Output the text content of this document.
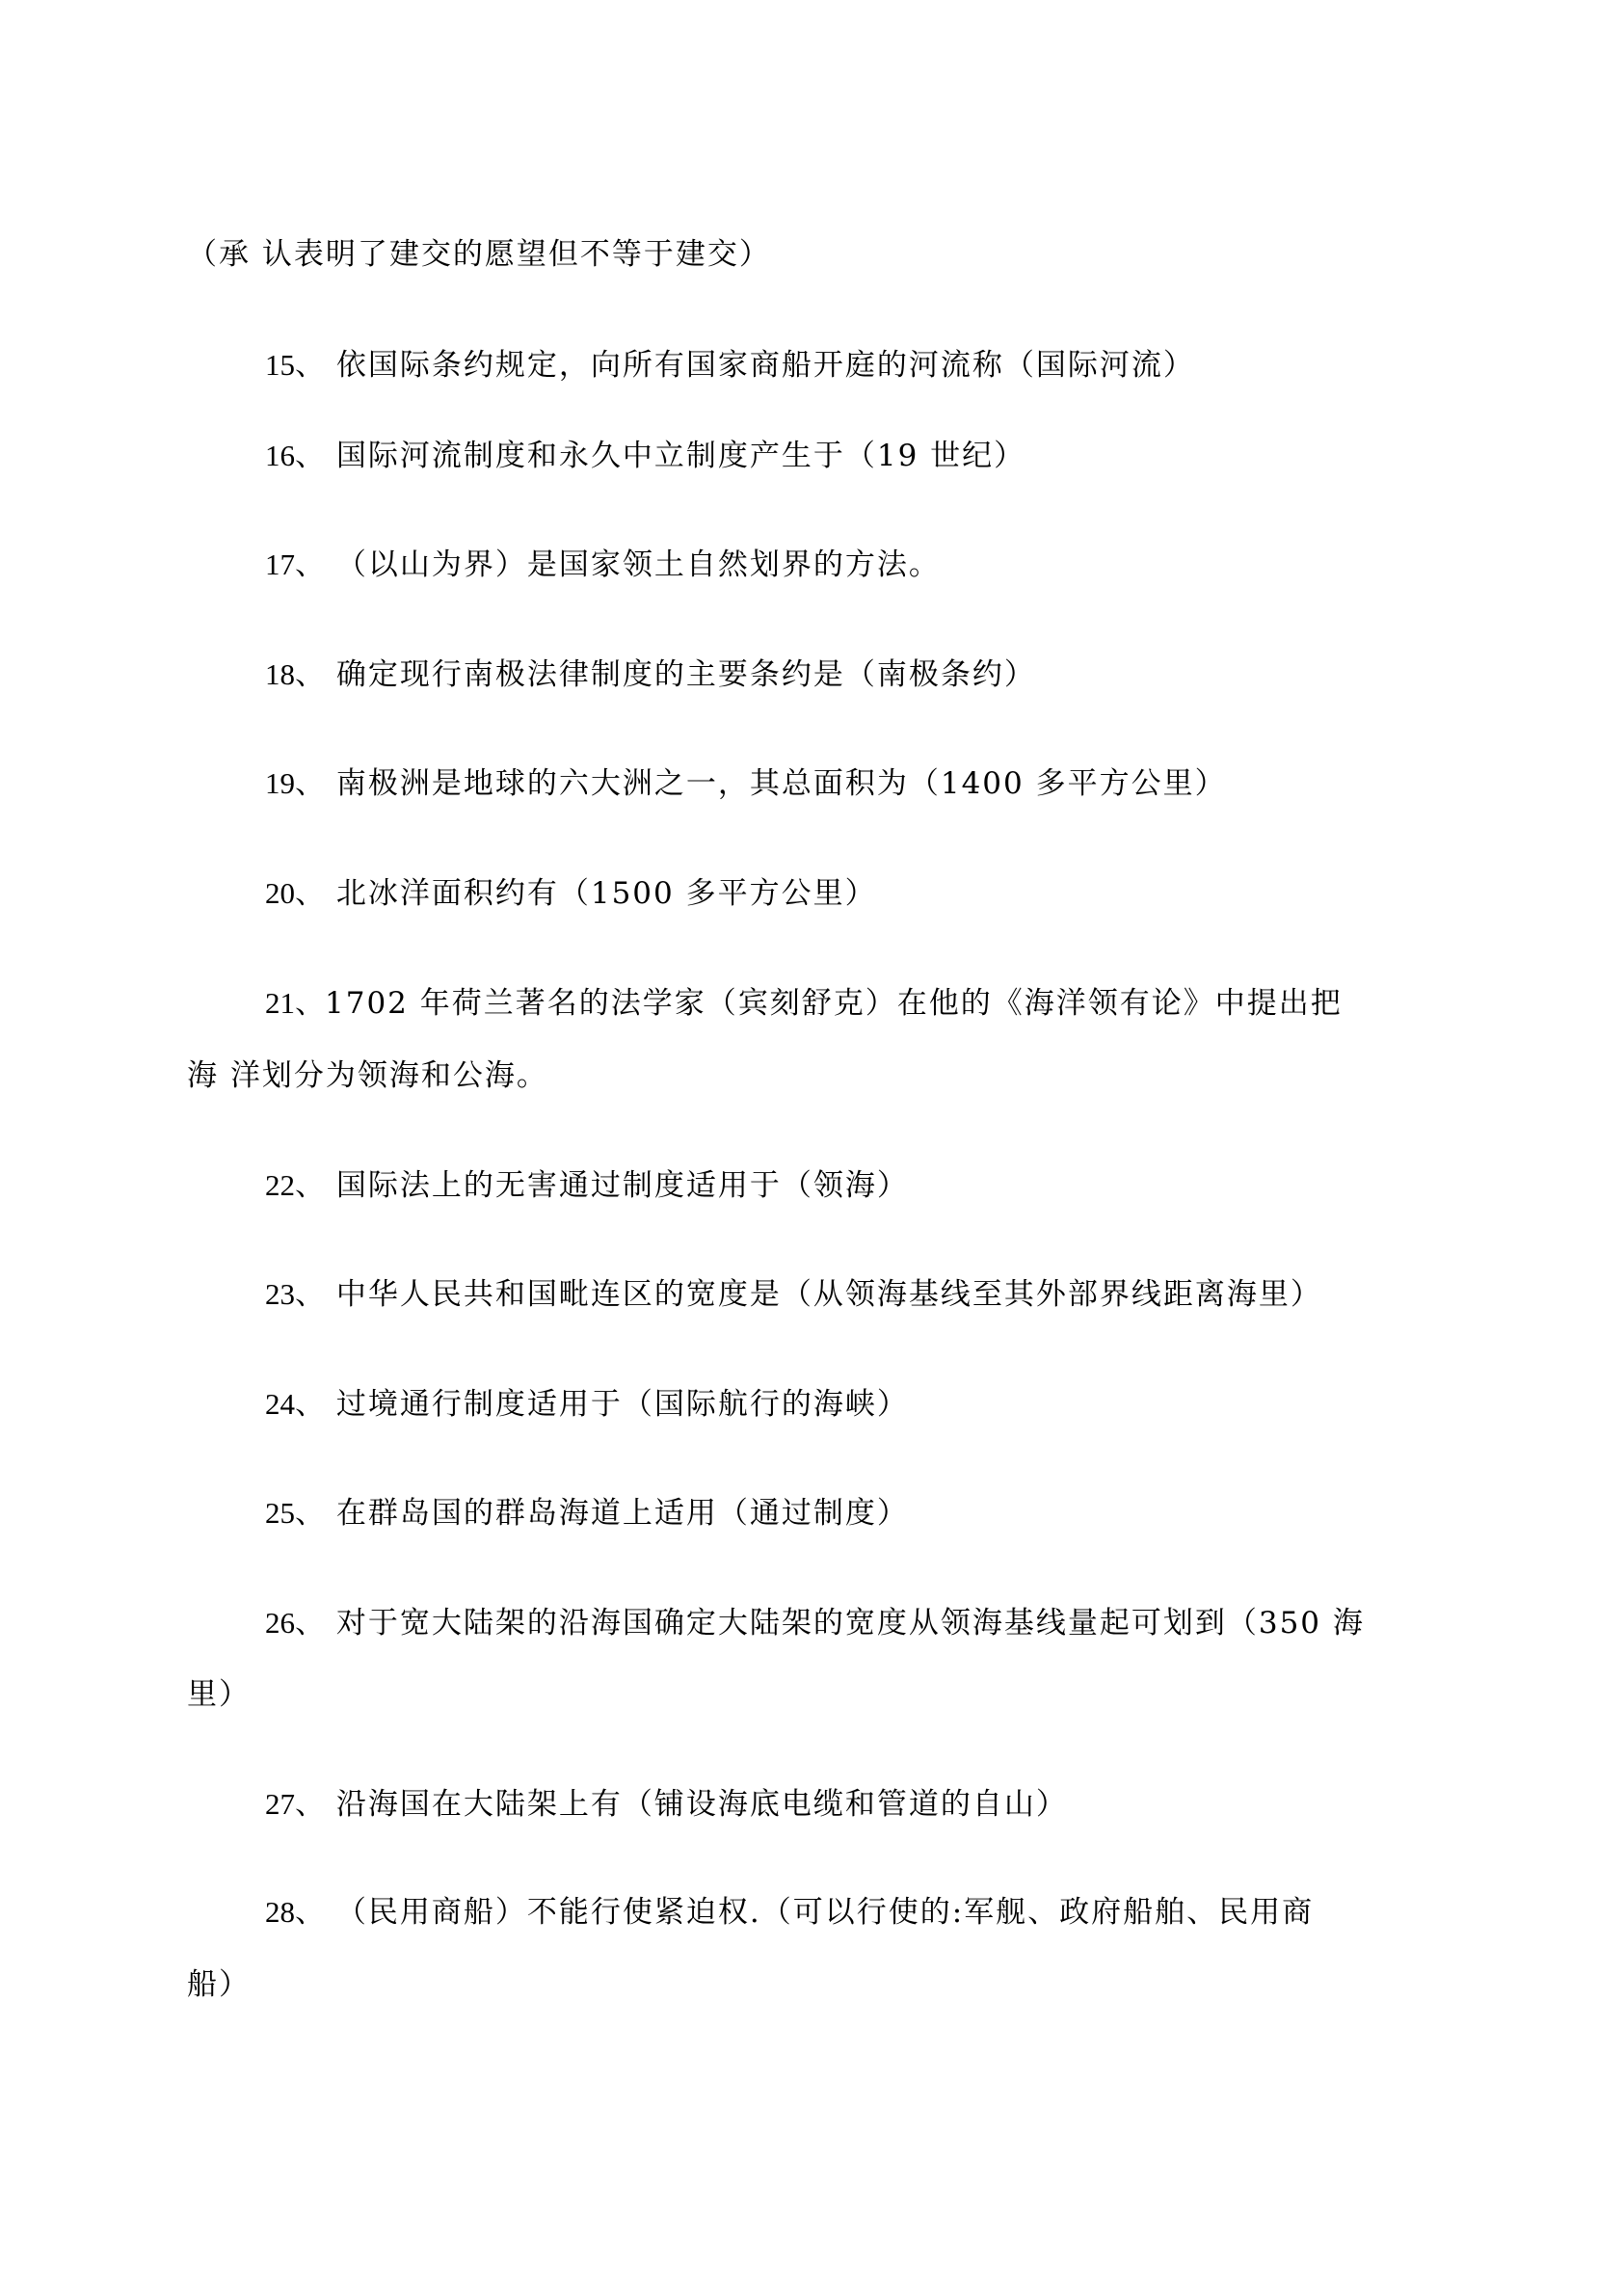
（承 认表明了建交的愿望但不等于建交）
15、 依国际条约规定，向所有国家商船开庭的河流称（国际河流）
16、 国际河流制度和永久中立制度产生于（19 世纪）
17、 （以山为界）是国家领土自然划界的方法。
18、 确定现行南极法律制度的主要条约是（南极条约）
19、 南极洲是地球的六大洲之一，其总面积为（1400 多平方公里）
20、 北冰洋面积约有（1500 多平方公里）
21、1702 年荷兰著名的法学家（宾刻舒克）在他的《海洋领有论》中提出把
海 洋划分为领海和公海。
22、 国际法上的无害通过制度适用于（领海）
23、 中华人民共和国毗连区的宽度是（从领海基线至其外部界线距离海里）
24、 过境通行制度适用于（国际航行的海峡）
25、 在群岛国的群岛海道上适用（通过制度）
26、 对于宽大陆架的沿海国确定大陆架的宽度从领海基线量起可划到（350 海
里）
27、 沿海国在大陆架上有（铺设海底电缆和管道的自山）
28、 （民用商船）不能行使紧迫权.（可以行使的:军舰、政府船舶、民用商
船）
